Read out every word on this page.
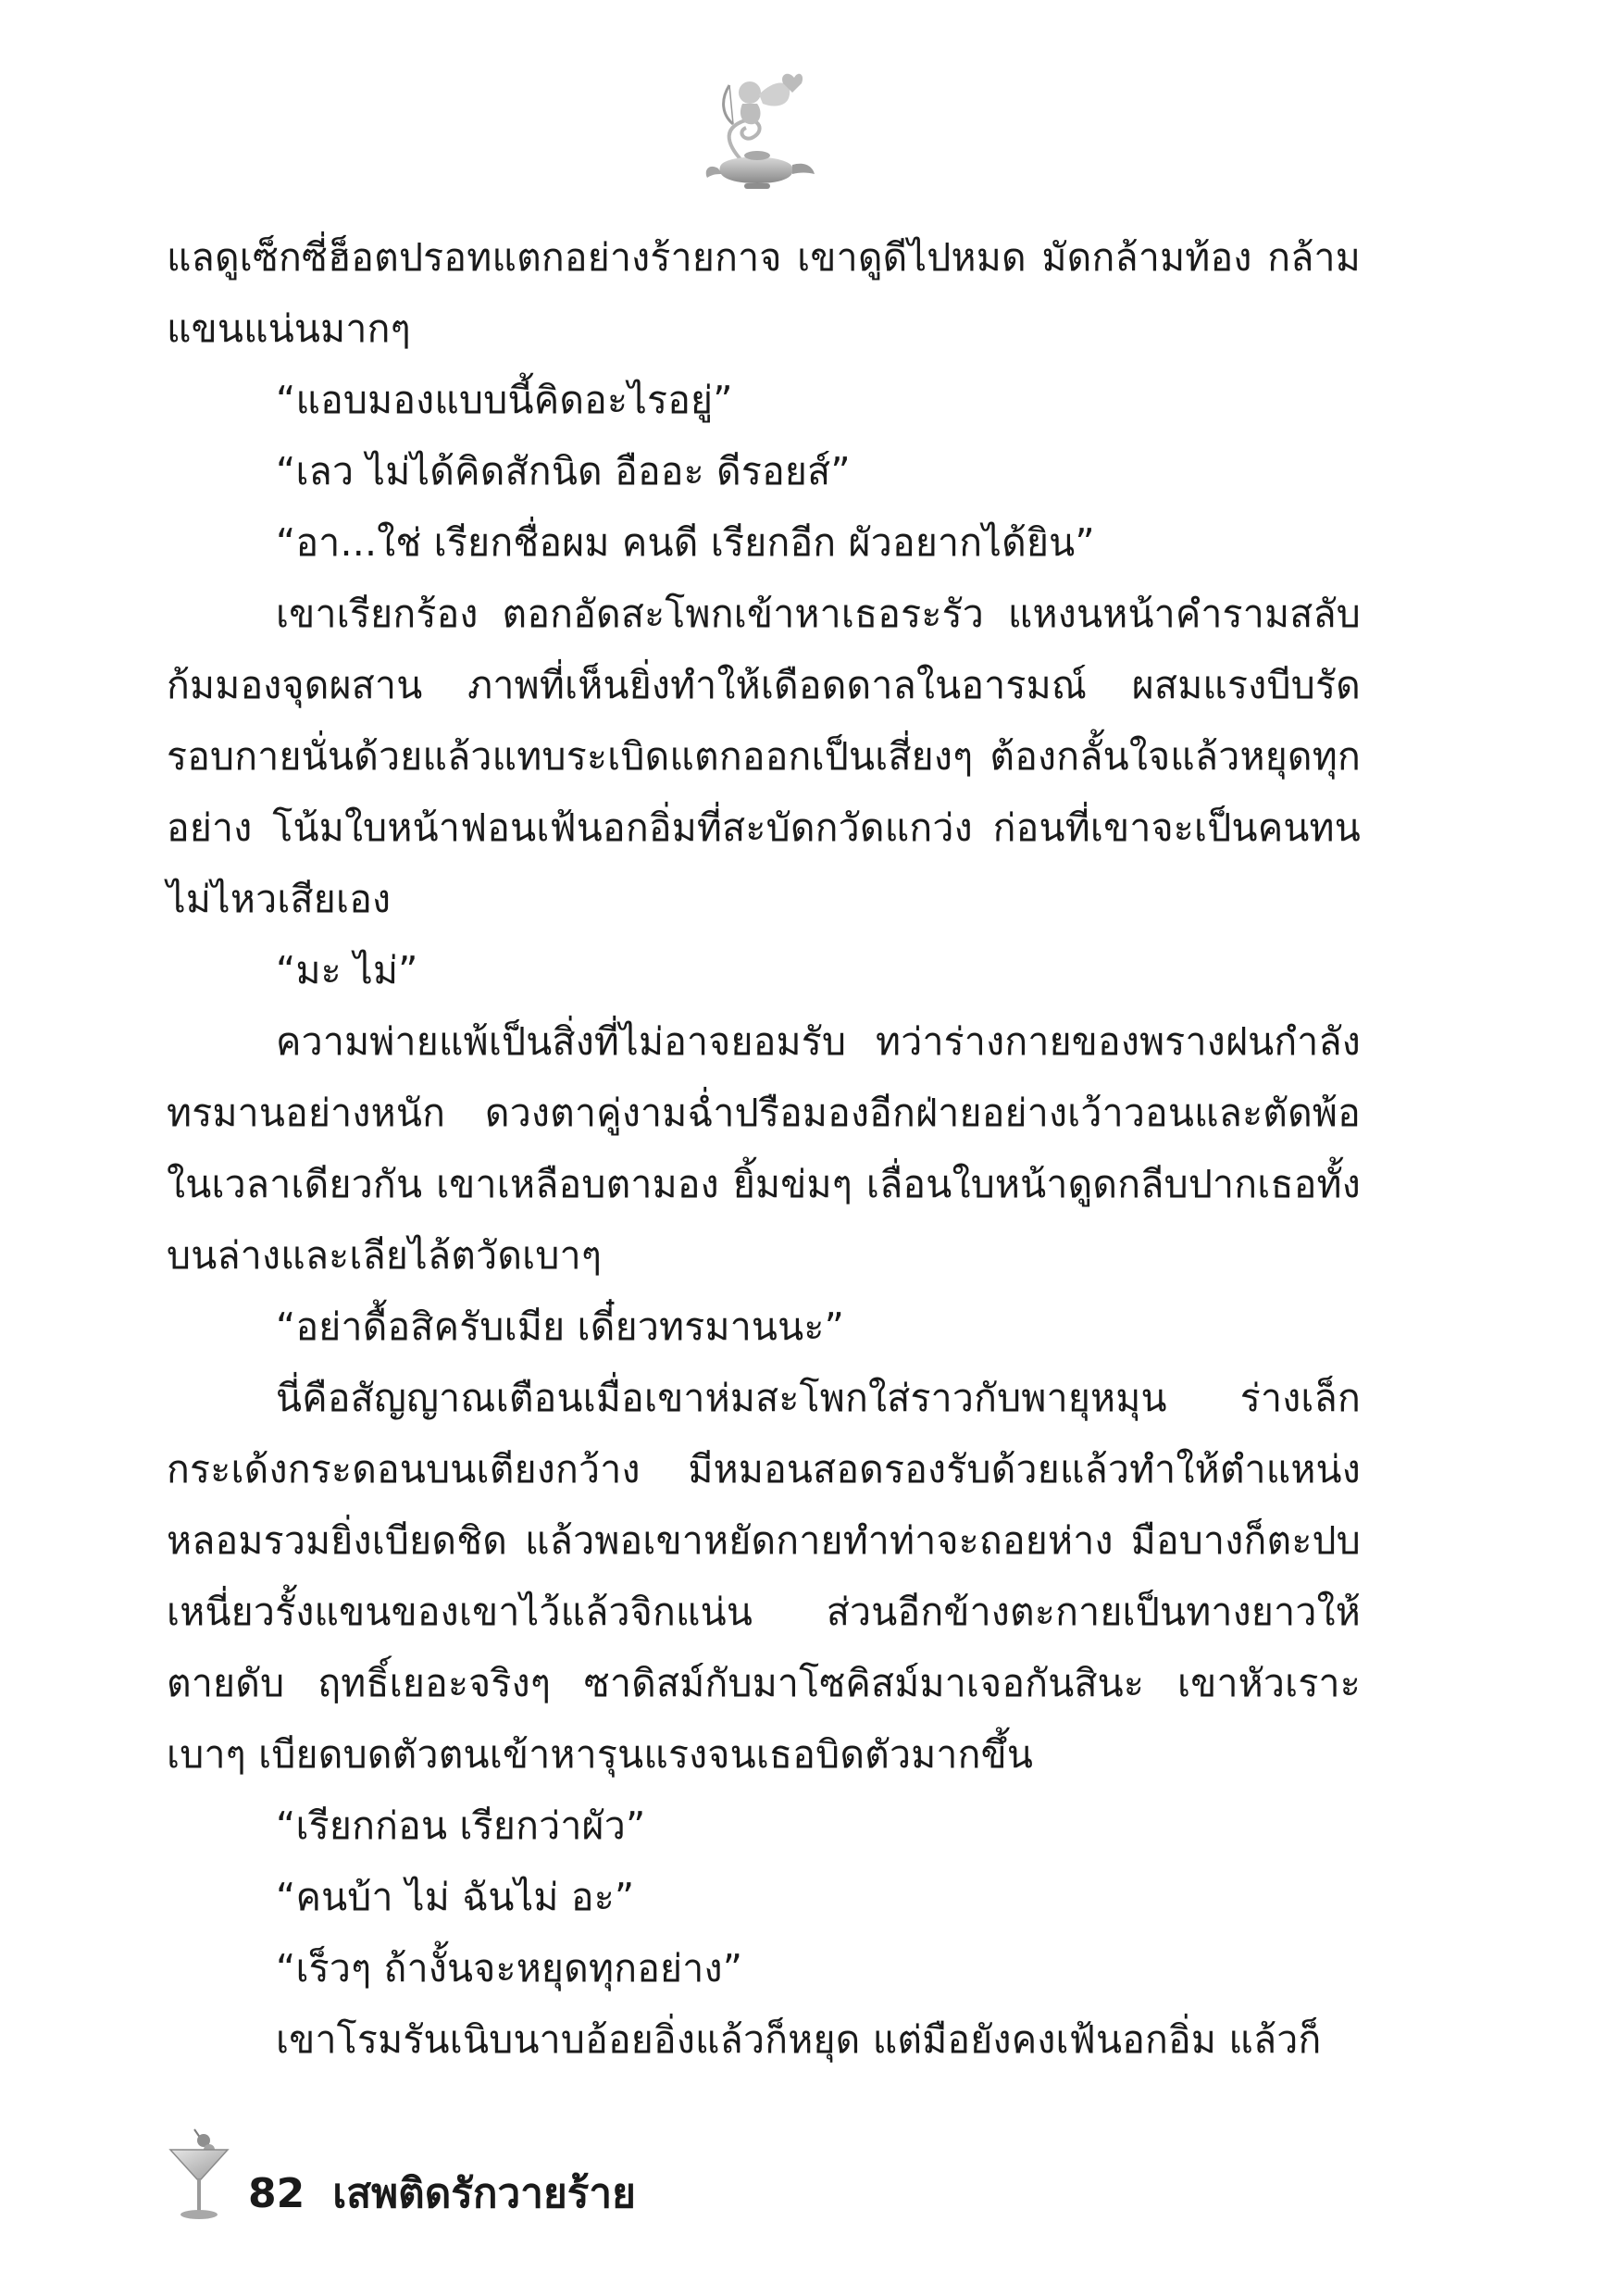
แลดูเซ็กซี่ฮ็อตปรอทแตกอย่างร้ายกาจ เขาดูดีไปหมด มัดกล้ามท้อง กล้ามแขนแน่นมากๆ

“แอบมองแบบนี้คิดอะไรอยู่”

“เลว ไม่ได้คิดสักนิด อืออะ ดีรอยส์”

“อา...ใช่ เรียกชื่อผม คนดี เรียกอีก ผัวอยากได้ยิน”

เขาเรียกร้อง ตอกอัดสะโพกเข้าหาเธอระรัว แหงนหน้าคำรามสลับก้มมองจุดผสาน ภาพที่เห็นยิ่งทำให้เดือดดาลในอารมณ์ ผสมแรงบีบรัดรอบกายนั่นด้วยแล้วแทบระเบิดแตกออกเป็นเสี่ยงๆ ต้องกลั้นใจแล้วหยุดทุกอย่าง โน้มใบหน้าฟอนเฟ้นอกอิ่มที่สะบัดกวัดแกว่ง ก่อนที่เขาจะเป็นคนทนไม่ไหวเสียเอง

“มะ ไม่”

ความพ่ายแพ้เป็นสิ่งที่ไม่อาจยอมรับ ทว่าร่างกายของพรางฝนกำลังทรมานอย่างหนัก ดวงตาคู่งามฉ่ำปรือมองอีกฝ่ายอย่างเว้าวอนและตัดพ้อในเวลาเดียวกัน เขาเหลือบตามอง ยิ้มข่มๆ เลื่อนใบหน้าดูดกลีบปากเธอทั้งบนล่างและเลียไล้ตวัดเบาๆ

“อย่าดื้อสิครับเมีย เดี๋ยวทรมานนะ”

นี่คือสัญญาณเตือนเมื่อเขาห่มสะโพกใส่ราวกับพายุหมุน ร่างเล็กกระเด้งกระดอนบนเตียงกว้าง มีหมอนสอดรองรับด้วยแล้วทำให้ตำแหน่งหลอมรวมยิ่งเบียดชิด แล้วพอเขาหยัดกายทำท่าจะถอยห่าง มือบางก็ตะปบเหนี่ยวรั้งแขนของเขาไว้แล้วจิกแน่น ส่วนอีกข้างตะกายเป็นทางยาวให้ตายดับ ฤทธิ์เยอะจริงๆ ซาดิสม์กับมาโซคิสม์มาเจอกันสินะ เขาหัวเราะเบาๆ เบียดบดตัวตนเข้าหารุนแรงจนเธอบิดตัวมากขึ้น

“เรียกก่อน เรียกว่าผัว”

“คนบ้า ไม่ ฉันไม่ อะ”

“เร็วๆ ถ้างั้นจะหยุดทุกอย่าง”

เขาโรมรันเนิบนาบอ้อยอิ่งแล้วก็หยุด แต่มือยังคงเฟ้นอกอิ่ม แล้วก็

82 เสพติดรักวายร้าย
